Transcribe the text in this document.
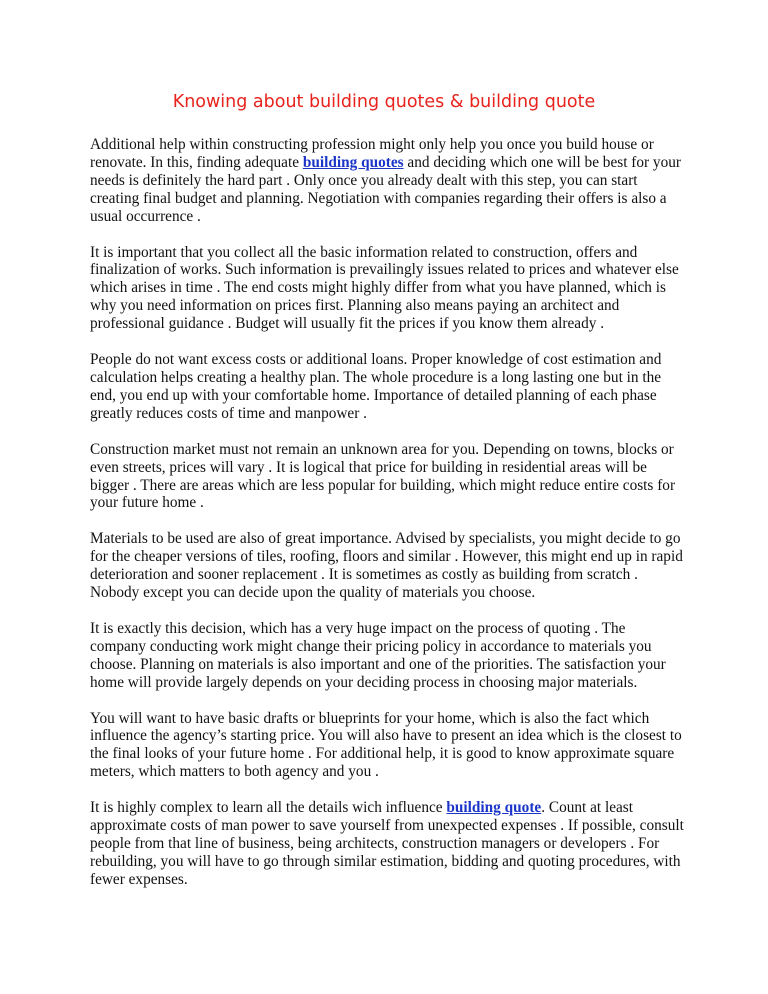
Knowing about building quotes & building quote

Additional help within constructing profession might only help you once you build house or renovate. In this, finding adequate building quotes and deciding which one will be best for your needs is definitely the hard part . Only once you already dealt with this step, you can start creating final budget and planning. Negotiation with companies regarding their offers is also a usual occurrence .

It is important that you collect all the basic information related to construction, offers and finalization of works. Such information is prevailingly issues related to prices and whatever else which arises in time . The end costs might highly differ from what you have planned, which is why you need information on prices first. Planning also means paying an architect and professional guidance . Budget will usually fit the prices if you know them already .

People do not want excess costs or additional loans. Proper knowledge of cost estimation and calculation helps creating a healthy plan. The whole procedure is a long lasting one but in the end, you end up with your comfortable home. Importance of detailed planning of each phase greatly reduces costs of time and manpower .

Construction market must not remain an unknown area for you. Depending on towns, blocks or even streets, prices will vary . It is logical that price for building in residential areas will be bigger . There are areas which are less popular for building, which might reduce entire costs for your future home .

Materials to be used are also of great importance. Advised by specialists, you might decide to go for the cheaper versions of tiles, roofing, floors and similar . However, this might end up in rapid deterioration and sooner replacement . It is sometimes as costly as building from scratch . Nobody except you can decide upon the quality of materials you choose.

It is exactly this decision, which has a very huge impact on the process of quoting . The company conducting work might change their pricing policy in accordance to materials you choose. Planning on materials is also important and one of the priorities. The satisfaction your home will provide largely depends on your deciding process in choosing major materials.

You will want to have basic drafts or blueprints for your home, which is also the fact which influence the agency’s starting price. You will also have to present an idea which is the closest to the final looks of your future home . For additional help, it is good to know approximate square meters, which matters to both agency and you .

It is highly complex to learn all the details wich influence building quote. Count at least approximate costs of man power to save yourself from unexpected expenses . If possible, consult people from that line of business, being architects, construction managers or developers . For rebuilding, you will have to go through similar estimation, bidding and quoting procedures, with fewer expenses.
